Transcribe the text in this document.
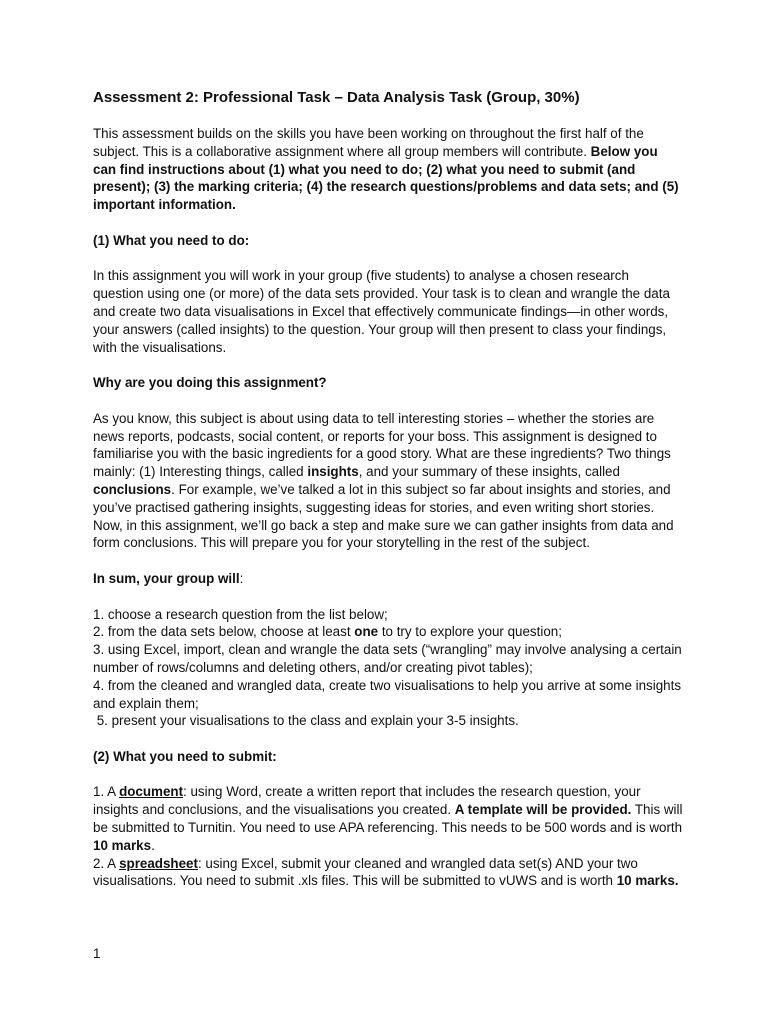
Assessment 2: Professional Task – Data Analysis Task (Group, 30%)

This assessment builds on the skills you have been working on throughout the first half of the subject. This is a collaborative assignment where all group members will contribute. Below you can find instructions about (1) what you need to do; (2) what you need to submit (and present); (3) the marking criteria; (4) the research questions/problems and data sets; and (5) important information.

(1) What you need to do:

In this assignment you will work in your group (five students) to analyse a chosen research question using one (or more) of the data sets provided. Your task is to clean and wrangle the data and create two data visualisations in Excel that effectively communicate findings—in other words, your answers (called insights) to the question. Your group will then present to class your findings, with the visualisations.

Why are you doing this assignment?

As you know, this subject is about using data to tell interesting stories – whether the stories are news reports, podcasts, social content, or reports for your boss. This assignment is designed to familiarise you with the basic ingredients for a good story. What are these ingredients? Two things mainly: (1) Interesting things, called insights, and your summary of these insights, called conclusions. For example, we’ve talked a lot in this subject so far about insights and stories, and you’ve practised gathering insights, suggesting ideas for stories, and even writing short stories. Now, in this assignment, we’ll go back a step and make sure we can gather insights from data and form conclusions. This will prepare you for your storytelling in the rest of the subject.

In sum, your group will:

1. choose a research question from the list below;

2. from the data sets below, choose at least one to try to explore your question;

3. using Excel, import, clean and wrangle the data sets (“wrangling” may involve analysing a certain number of rows/columns and deleting others, and/or creating pivot tables);

4. from the cleaned and wrangled data, create two visualisations to help you arrive at some insights and explain them;

5. present your visualisations to the class and explain your 3-5 insights.

(2) What you need to submit:

1. A document: using Word, create a written report that includes the research question, your insights and conclusions, and the visualisations you created. A template will be provided. This will be submitted to Turnitin. You need to use APA referencing. This needs to be 500 words and is worth 10 marks.

2. A spreadsheet: using Excel, submit your cleaned and wrangled data set(s) AND your two visualisations. You need to submit .xls files. This will be submitted to vUWS and is worth 10 marks.

1
